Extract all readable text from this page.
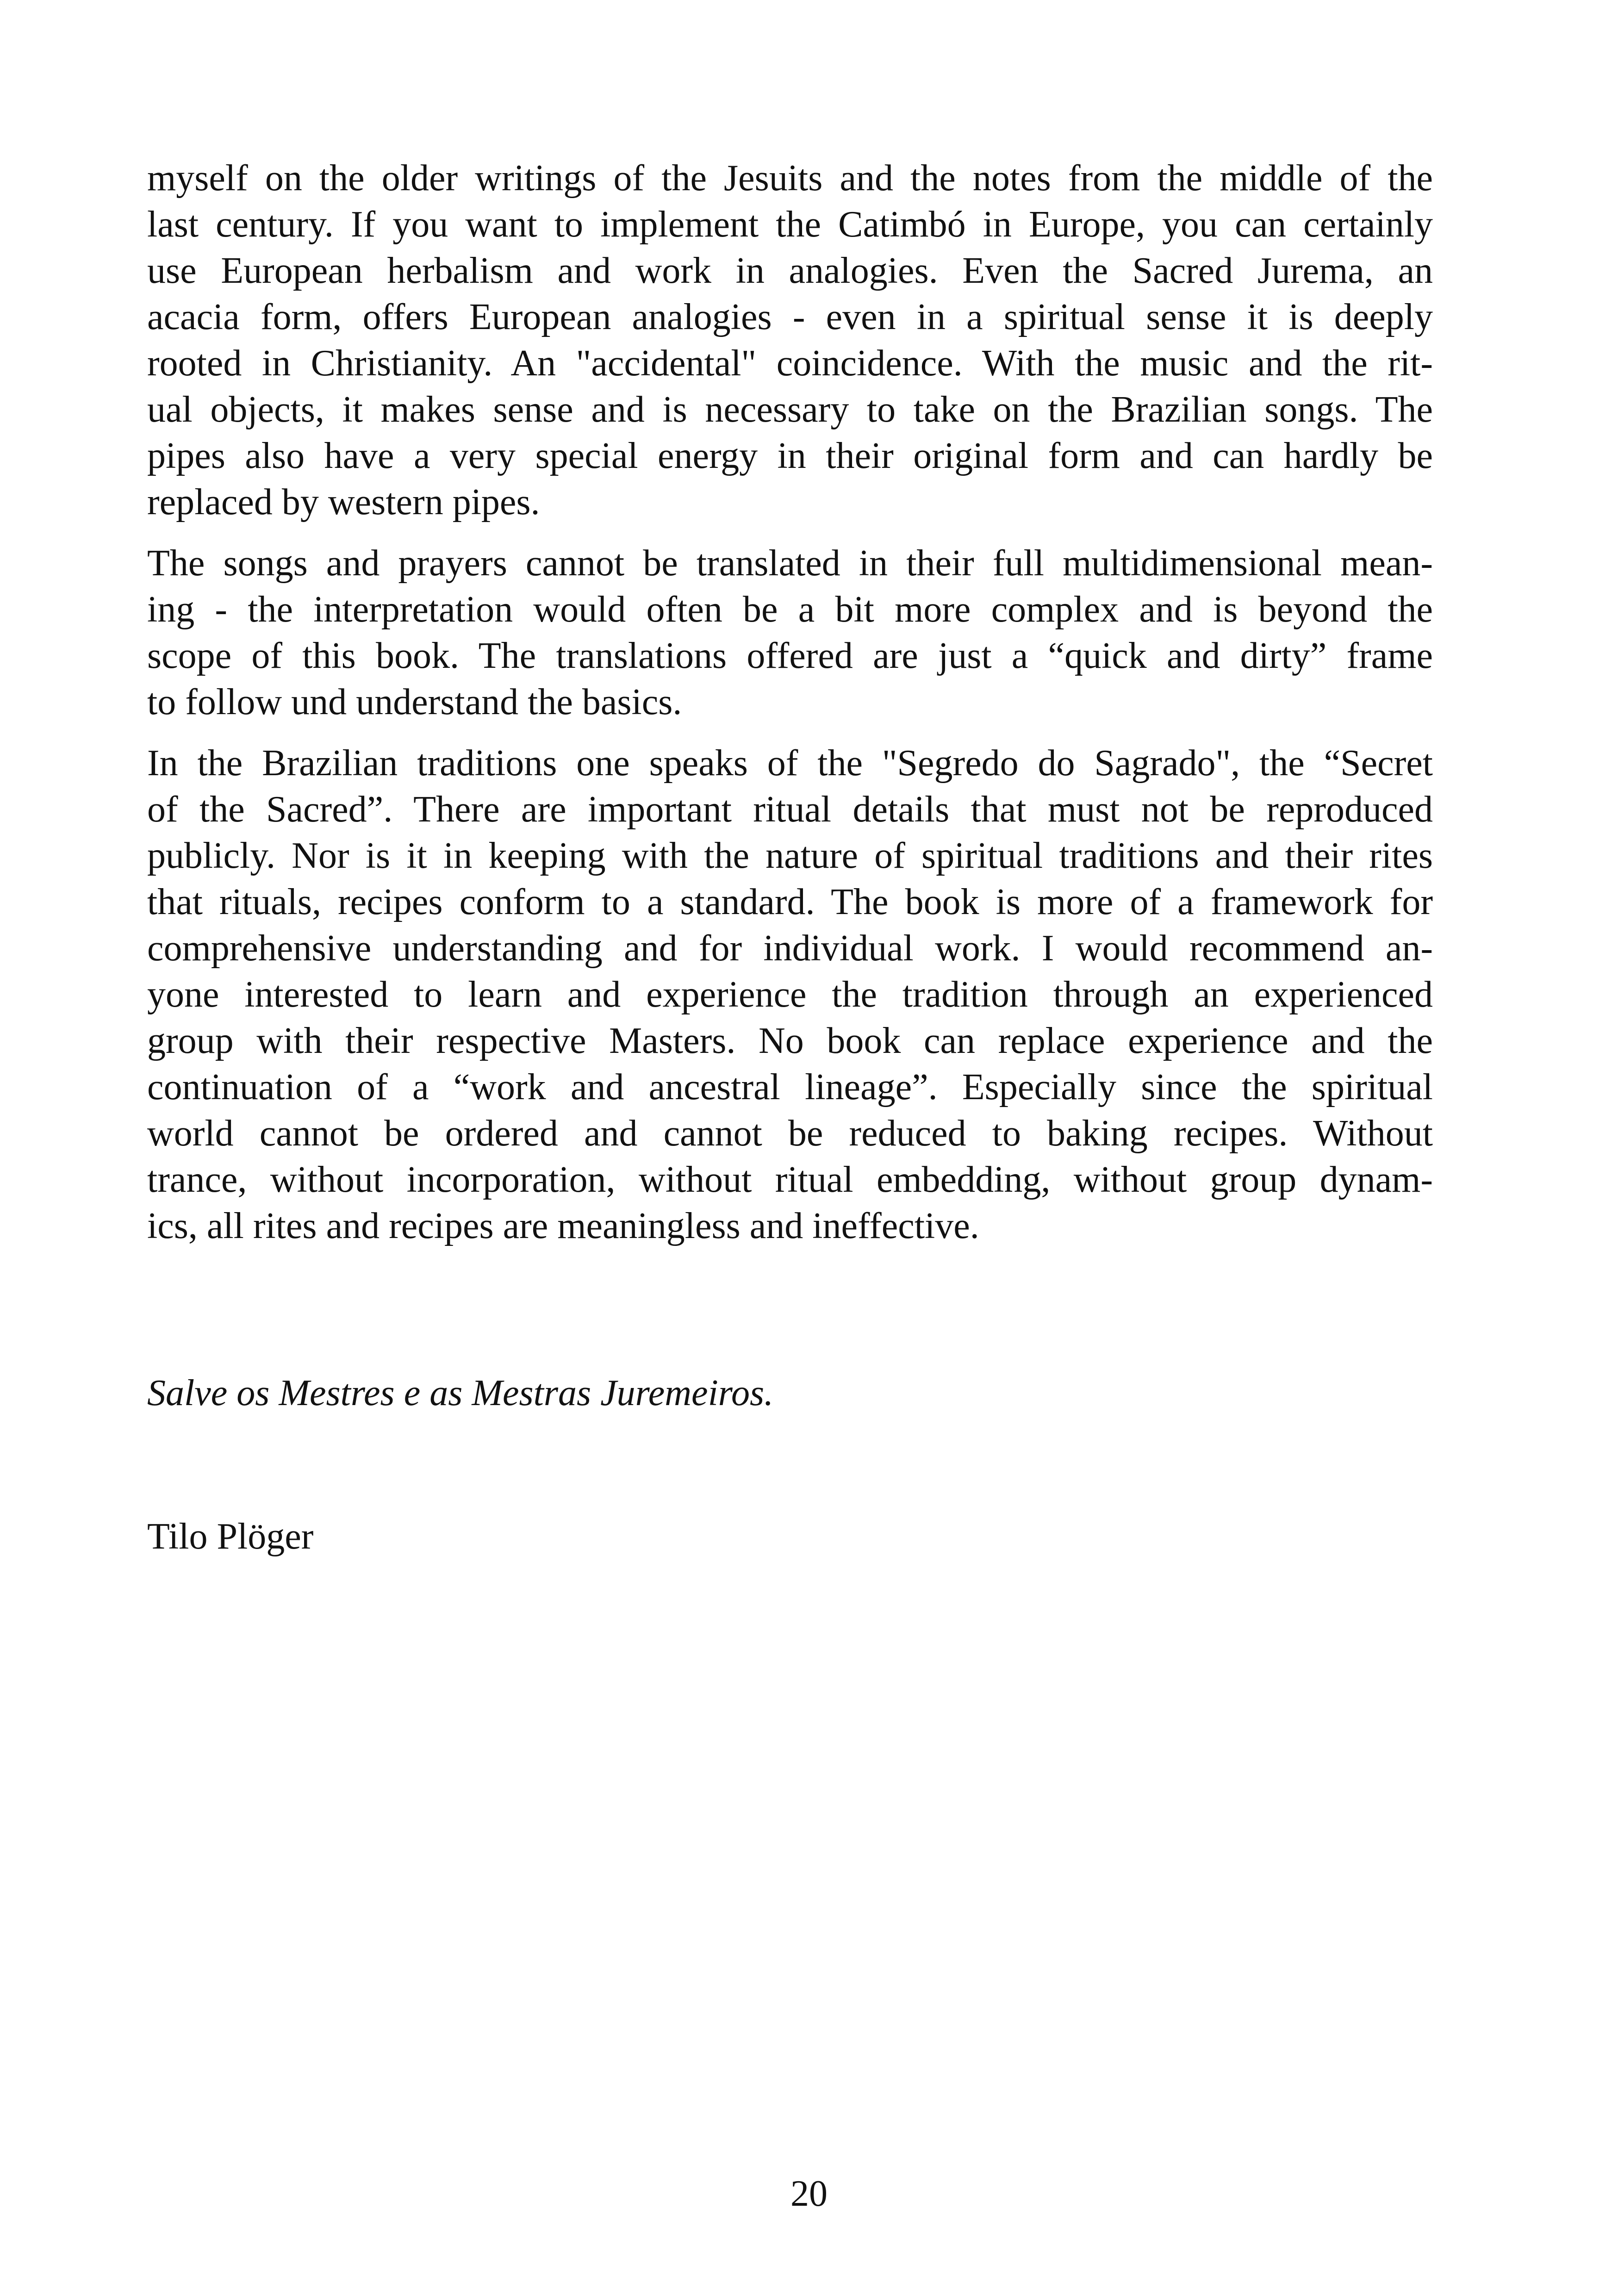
myself on the older writings of the Jesuits and the notes from the middle of the
last century. If you want to implement the Catimbó in Europe, you can certainly
use European herbalism and work in analogies. Even the Sacred Jurema, an
acacia form, offers European analogies - even in a spiritual sense it is deeply
rooted in Christianity. An "accidental" coincidence. With the music and the rit-
ual objects, it makes sense and is necessary to take on the Brazilian songs. The
pipes also have a very special energy in their original form and can hardly be
replaced by western pipes.

The songs and prayers cannot be translated in their full multidimensional mean-
ing - the interpretation would often be a bit more complex and is beyond the
scope of this book. The translations offered are just a “quick and dirty” frame
to follow und understand the basics.

In the Brazilian traditions one speaks of the "Segredo do Sagrado", the “Secret
of the Sacred”. There are important ritual details that must not be reproduced
publicly. Nor is it in keeping with the nature of spiritual traditions and their rites
that rituals, recipes conform to a standard. The book is more of a framework for
comprehensive understanding and for individual work. I would recommend an-
yone interested to learn and experience the tradition through an experienced
group with their respective Masters. No book can replace experience and the
continuation of a “work and ancestral lineage”. Especially since the spiritual
world cannot be ordered and cannot be reduced to baking recipes. Without
trance, without incorporation, without ritual embedding, without group dynam-
ics, all rites and recipes are meaningless and ineffective.

Salve os Mestres e as Mestras Juremeiros.

Tilo Plöger

20
